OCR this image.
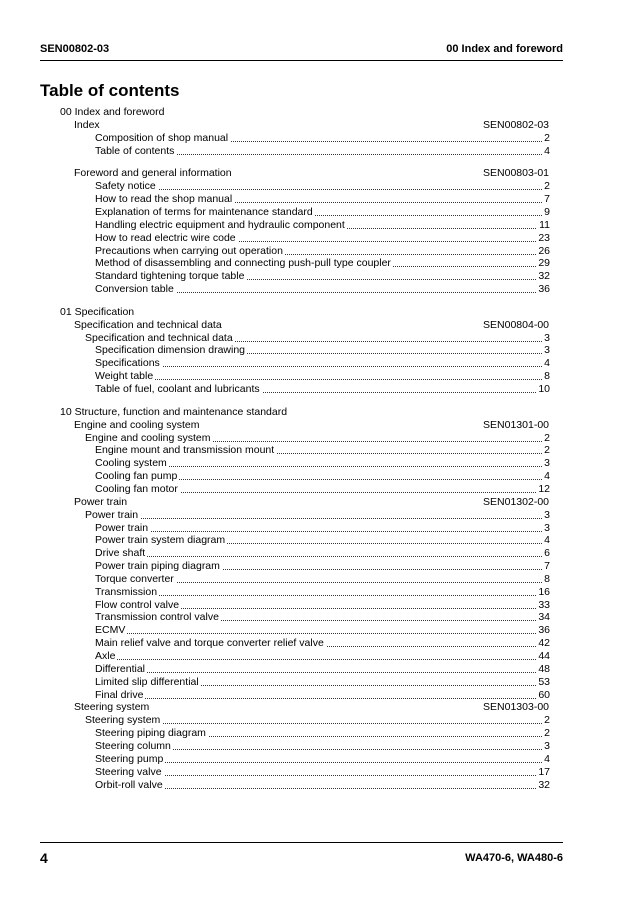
SEN00802-03	00 Index and foreword
Table of contents
00 Index and foreword
Index	SEN00802-03
Composition of shop manual	2
Table of contents	4
Foreword and general information	SEN00803-01
Safety notice	2
How to read the shop manual	7
Explanation of terms for maintenance standard	9
Handling electric equipment and hydraulic component	11
How to read electric wire code	23
Precautions when carrying out operation	26
Method of disassembling and connecting push-pull type coupler	29
Standard tightening torque table	32
Conversion table	36
01 Specification
Specification and technical data	SEN00804-00
Specification and technical data	3
Specification dimension drawing	3
Specifications	4
Weight table	8
Table of fuel, coolant and lubricants	10
10 Structure, function and maintenance standard
Engine and cooling system	SEN01301-00
Engine and cooling system	2
Engine mount and transmission mount	2
Cooling system	3
Cooling fan pump	4
Cooling fan motor	12
Power train	SEN01302-00
Power train	3
Power train	3
Power train system diagram	4
Drive shaft	6
Power train piping diagram	7
Torque converter	8
Transmission	16
Flow control valve	33
Transmission control valve	34
ECMV	36
Main relief valve and torque converter relief valve	42
Axle	44
Differential	48
Limited slip differential	53
Final drive	60
Steering system	SEN01303-00
Steering system	2
Steering piping diagram	2
Steering column	3
Steering pump	4
Steering valve	17
Orbit-roll valve	32
4	WA470-6, WA480-6
